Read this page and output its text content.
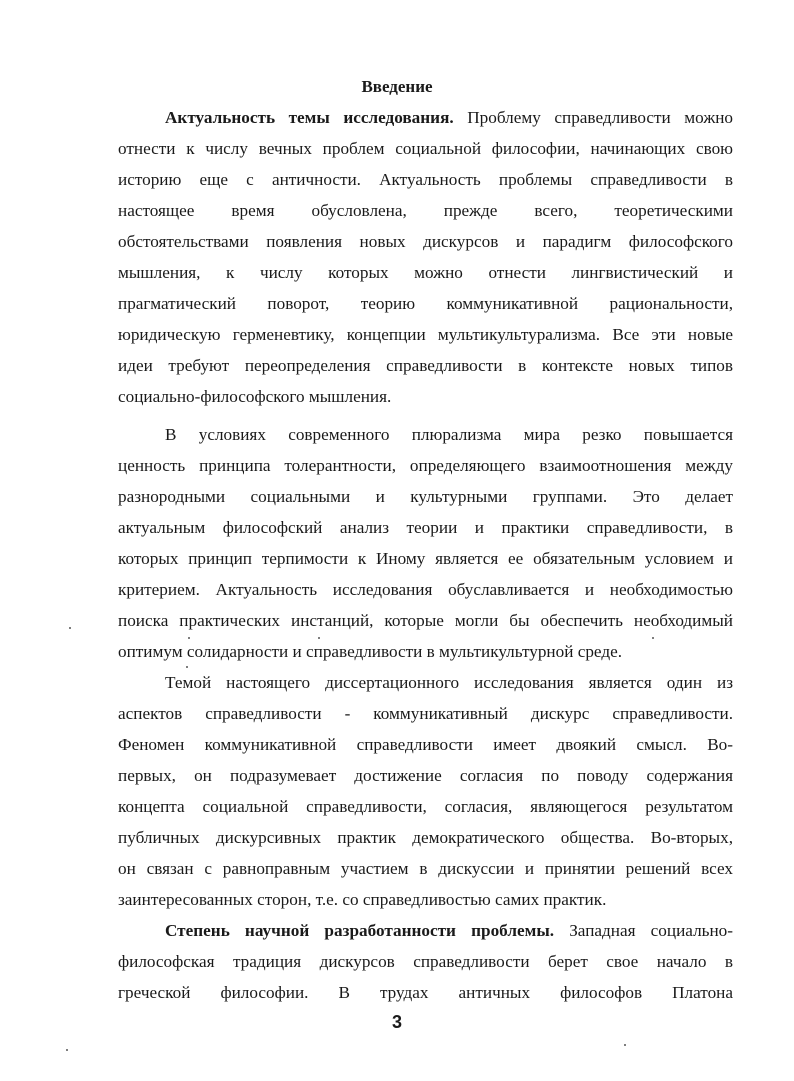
Введение
Актуальность темы исследования. Проблему справедливости можно
отнести к числу вечных проблем социальной философии, начинающих свою
историю еще с античности. Актуальность проблемы справедливости в
настоящее время обусловлена, прежде всего, теоретическими
обстоятельствами появления новых дискурсов и парадигм философского
мышления, к числу которых можно отнести лингвистический и
прагматический поворот, теорию коммуникативной рациональности,
юридическую герменевтику, концепции мультикультурализма. Все эти новые
идеи требуют переопределения справедливости в контексте новых типов
социально-философского мышления.
В условиях современного плюрализма мира резко повышается
ценность принципа толерантности, определяющего взаимоотношения между
разнородными социальными и культурными группами. Это делает
актуальным философский анализ теории и практики справедливости, в
которых принцип терпимости к Иному является ее обязательным условием и
критерием. Актуальность исследования обуславливается и необходимостью
поиска практических инстанций, которые могли бы обеспечить необходимый
оптимум солидарности и справедливости в мультикультурной среде.
Темой настоящего диссертационного исследования является один из
аспектов справедливости - коммуникативный дискурс справедливости.
Феномен коммуникативной справедливости имеет двоякий смысл. Во-
первых, он подразумевает достижение согласия по поводу содержания
концепта социальной справедливости, согласия, являющегося результатом
публичных дискурсивных практик демократического общества. Во-вторых,
он связан с равноправным участием в дискуссии и принятии решений всех
заинтересованных сторон, т.е. со справедливостью самих практик.
Степень научной разработанности проблемы. Западная социально-
философская традиция дискурсов справедливости берет свое начало в
греческой философии. В трудах античных философов Платона
3
